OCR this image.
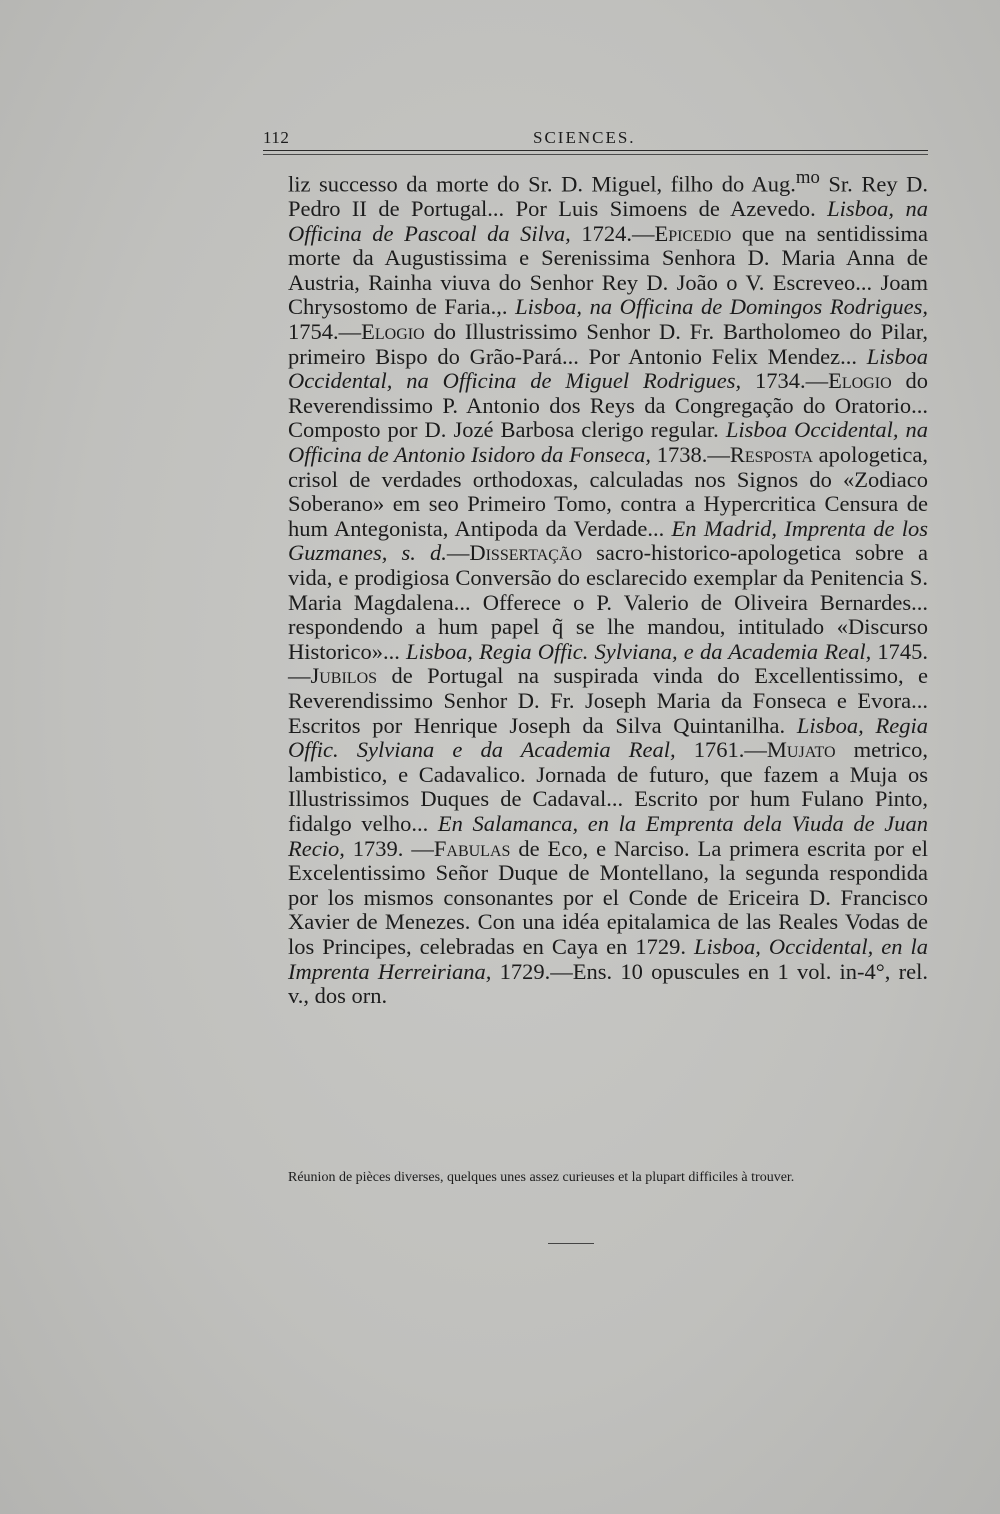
112	SCIENCES.

liz successo da morte do Sr. D. Miguel, filho do Aug.$^{mo}$ Sr. Rey D. Pedro II de Portugal... Por Luis Simoens de Azevedo. Lisboa, na Officina de Pascoal da Silva, 1724.—Epicedio que na sentidissima morte da Augustissima e Serenissima Senhora D. Maria Anna de Austria, Rainha viuva do Senhor Rey D. João o V. Escreveo... Joam Chrysostomo de Faria.,. Lisboa, na Officina de Domingos Rodrigues, 1754.—Elogio do Illustrissimo Senhor D. Fr. Bartholomeo do Pilar, primeiro Bispo do Grão-Pará... Por Antonio Felix Mendez... Lisboa Occidental, na Officina de Miguel Rodrigues, 1734.—Elogio do Reverendissimo P. Antonio dos Reys da Congregação do Oratorio... Composto por D. Jozé Barbosa clerigo regular. Lisboa Occidental, na Officina de Antonio Isidoro da Fonseca, 1738.—Resposta apologetica, crisol de verdades orthodoxas, calculadas nos Signos do «Zodiaco Soberano» em seo Primeiro Tomo, contra a Hypercritica Censura de hum Antegonista, Antipoda da Verdade... En Madrid, Imprenta de los Guzmanes, s. d.—Dissertação sacro-historico-apologetica sobre a vida, e prodigiosa Conversão do esclarecido exemplar da Penitencia S. Maria Magdalena... Offerece o P. Valerio de Oliveira Bernardes... respondendo a hum papel q̃ se lhe mandou, intitulado «Discurso Historico»... Lisboa, Regia Offic. Sylviana, e da Academia Real, 1745.—Jubilos de Portugal na suspirada vinda do Excellentissimo, e Reverendissimo Senhor D. Fr. Joseph Maria da Fonseca e Evora... Escritos por Henrique Joseph da Silva Quintanilha. Lisboa, Regia Offic. Sylviana e da Academia Real, 1761.—Mujato metrico, lambistico, e Cadavalico. Jornada de futuro, que fazem a Muja os Illustrissimos Duques de Cadaval... Escrito por hum Fulano Pinto, fidalgo velho... En Salamanca, en la Emprenta dela Viuda de Juan Recio, 1739. —Fabulas de Eco, e Narciso. La primera escrita por el Excelentissimo Señor Duque de Montellano, la segunda respondida por los mismos consonantes por el Conde de Ericeira D. Francisco Xavier de Menezes. Con una idéa epitalamica de las Reales Vodas de los Principes, celebradas en Caya en 1729. Lisboa, Occidental, en la Imprenta Herreiriana, 1729.—Ens. 10 opuscules en 1 vol. in-4°, rel. v., dos orn.

Réunion de pièces diverses, quelques unes assez curieuses et la plupart difficiles à trouver.
